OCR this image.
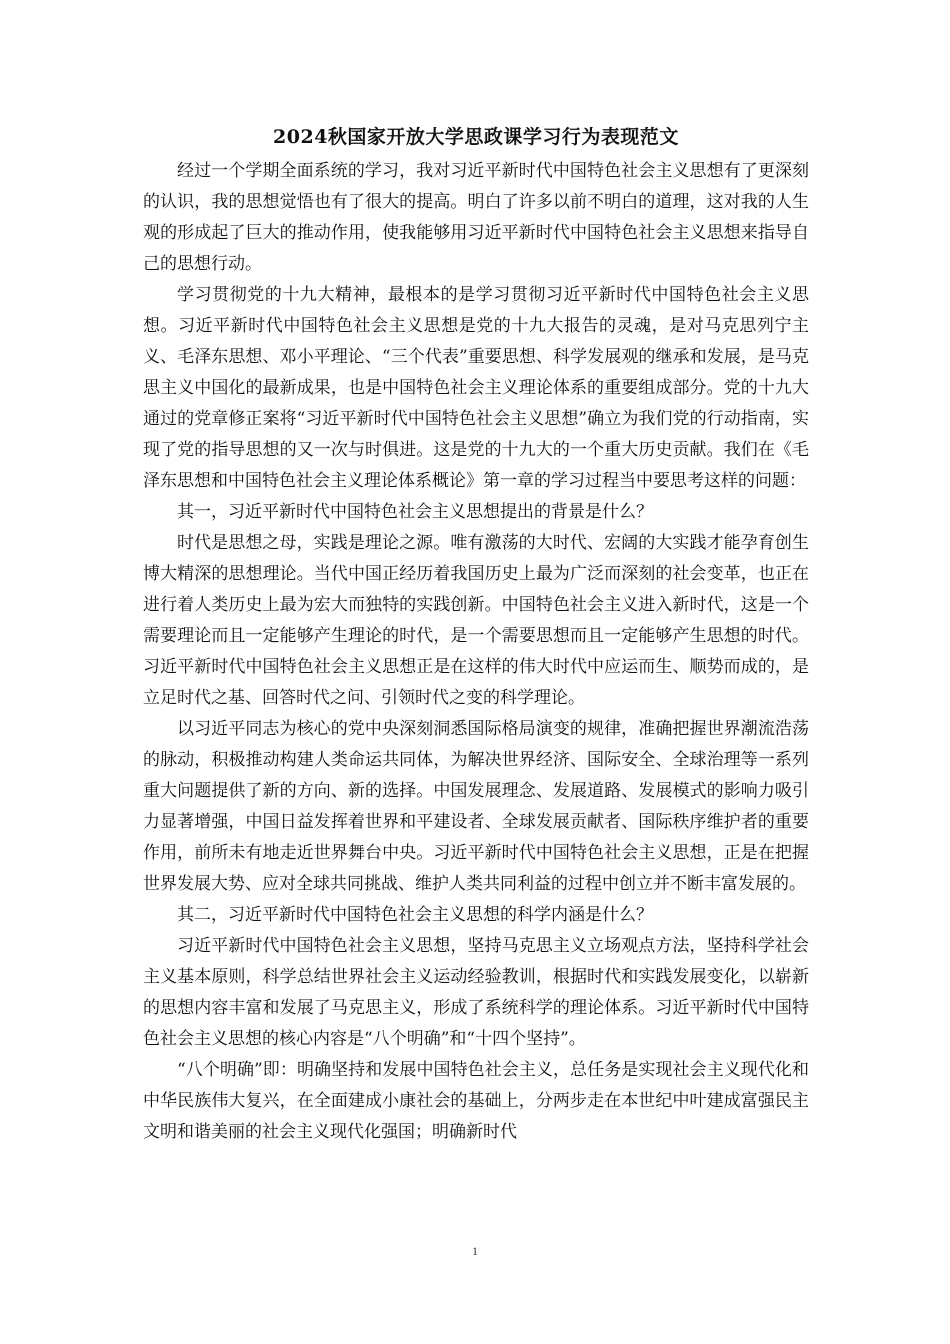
2024秋国家开放大学思政课学习行为表现范文

经过一个学期全面系统的学习，我对习近平新时代中国特色社会主义思想有了更深刻的认识，我的思想觉悟也有了很大的提高。明白了许多以前不明白的道理，这对我的人生观的形成起了巨大的推动作用，使我能够用习近平新时代中国特色社会主义思想来指导自己的思想行动。

学习贯彻党的十九大精神，最根本的是学习贯彻习近平新时代中国特色社会主义思想。习近平新时代中国特色社会主义思想是党的十九大报告的灵魂，是对马克思列宁主义、毛泽东思想、邓小平理论、“三个代表”重要思想、科学发展观的继承和发展，是马克思主义中国化的最新成果，也是中国特色社会主义理论体系的重要组成部分。党的十九大通过的党章修正案将“习近平新时代中国特色社会主义思想”确立为我们党的行动指南，实现了党的指导思想的又一次与时俱进。这是党的十九大的一个重大历史贡献。我们在《毛泽东思想和中国特色社会主义理论体系概论》第一章的学习过程当中要思考这样的问题：

其一，习近平新时代中国特色社会主义思想提出的背景是什么？

时代是思想之母，实践是理论之源。唯有激荡的大时代、宏阔的大实践才能孕育创生博大精深的思想理论。当代中国正经历着我国历史上最为广泛而深刻的社会变革，也正在进行着人类历史上最为宏大而独特的实践创新。中国特色社会主义进入新时代，这是一个需要理论而且一定能够产生理论的时代，是一个需要思想而且一定能够产生思想的时代。习近平新时代中国特色社会主义思想正是在这样的伟大时代中应运而生、顺势而成的，是立足时代之基、回答时代之问、引领时代之变的科学理论。

以习近平同志为核心的党中央深刻洞悉国际格局演变的规律，准确把握世界潮流浩荡的脉动，积极推动构建人类命运共同体，为解决世界经济、国际安全、全球治理等一系列重大问题提供了新的方向、新的选择。中国发展理念、发展道路、发展模式的影响力吸引力显著增强，中国日益发挥着世界和平建设者、全球发展贡献者、国际秩序维护者的重要作用，前所未有地走近世界舞台中央。习近平新时代中国特色社会主义思想，正是在把握世界发展大势、应对全球共同挑战、维护人类共同利益的过程中创立并不断丰富发展的。

其二，习近平新时代中国特色社会主义思想的科学内涵是什么？

习近平新时代中国特色社会主义思想，坚持马克思主义立场观点方法，坚持科学社会主义基本原则，科学总结世界社会主义运动经验教训，根据时代和实践发展变化，以崭新的思想内容丰富和发展了马克思主义，形成了系统科学的理论体系。习近平新时代中国特色社会主义思想的核心内容是“八个明确”和“十四个坚持”。

“八个明确”即：明确坚持和发展中国特色社会主义，总任务是实现社会主义现代化和中华民族伟大复兴，在全面建成小康社会的基础上，分两步走在本世纪中叶建成富强民主文明和谐美丽的社会主义现代化强国；明确新时代

1
